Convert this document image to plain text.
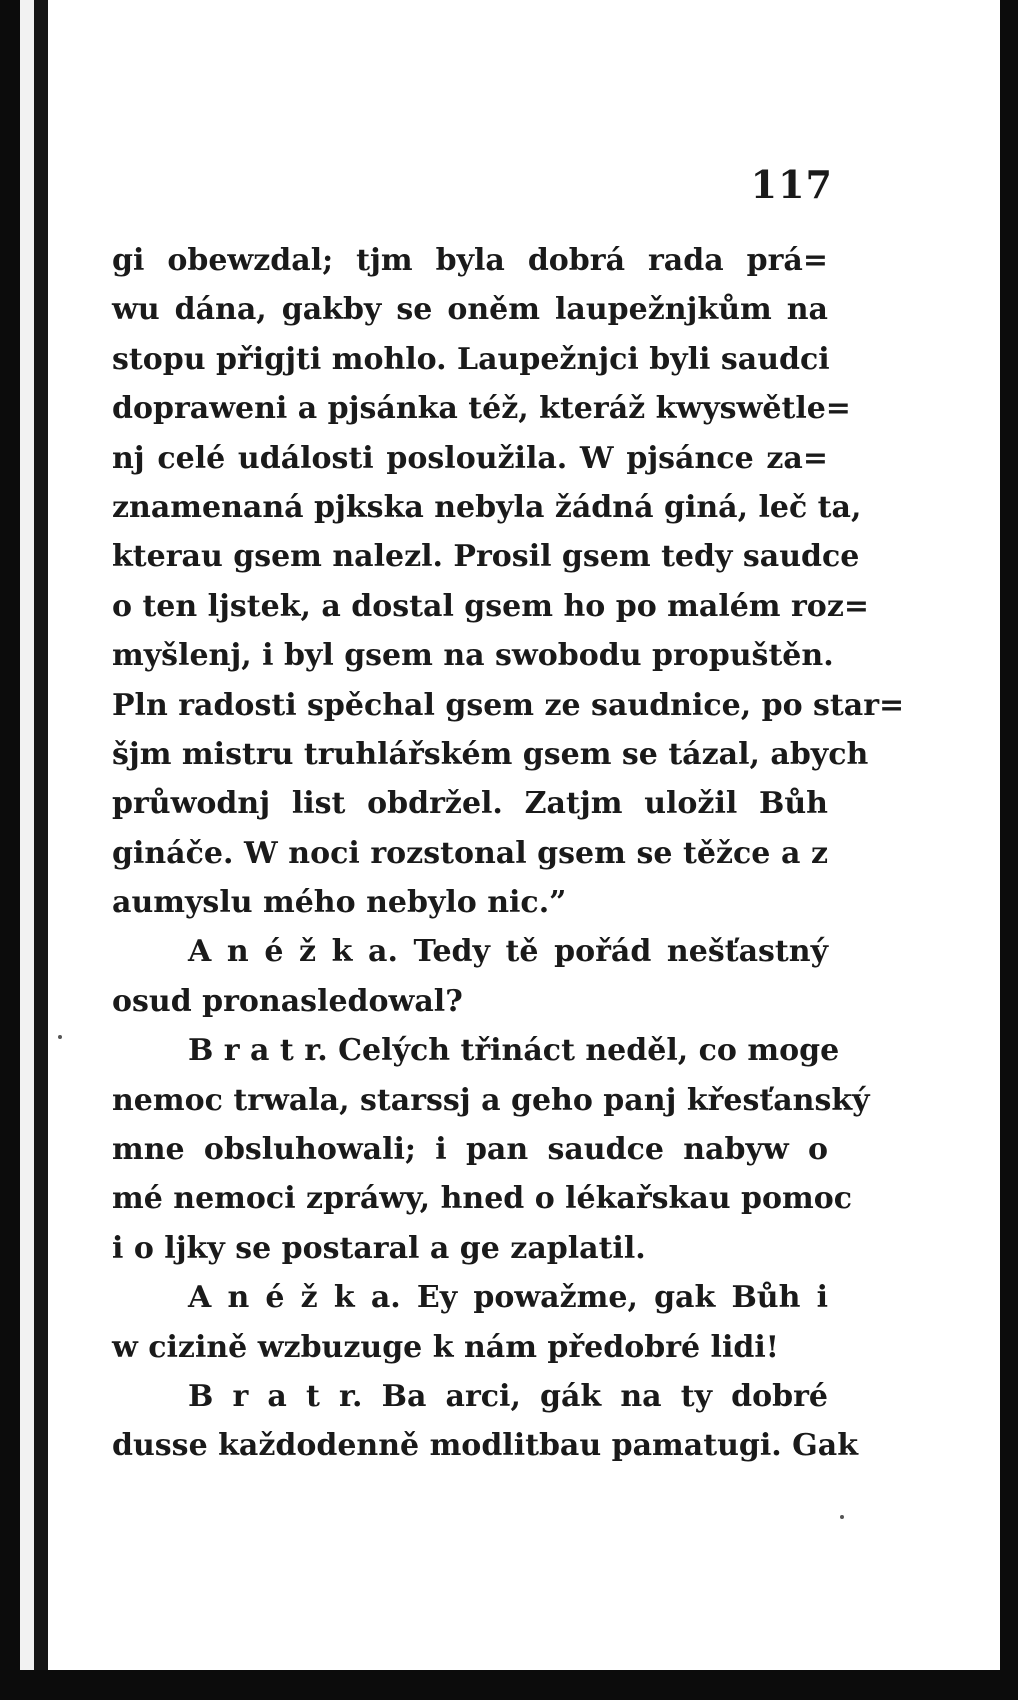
117
gi obewzdal; tjm byla dobrá rada prá=
wu dána, gakby se oněm laupežnjkům na
stopu přigjti mohlo. Laupežnjci byli saudci
dopraweni a pjsánka též, kteráž kwyswětle=
nj celé události posloužila. W pjsánce za=
znamenaná pjkska nebyla žádná giná, leč ta,
kterau gsem nalezl. Prosil gsem tedy saudce
o ten ljstek, a dostal gsem ho po malém roz=
myšlenj, i byl gsem na swobodu propuštěn.
Pln radosti spěchal gsem ze saudnice, po star=
šjm mistru truhlářském gsem se tázal, abych
průwodnj list obdržel. Zatjm uložil Bůh
gináče. W noci rozstonal gsem se těžce a z
aumyslu mého nebylo nic.”
A n é ž k a. Tedy tě pořád nešťastný
osud pronasledowal?
B r a t r. Celých třináct neděl, co moge
nemoc trwala, starssj a geho panj křesťanský
mne obsluhowali; i pan saudce nabyw o
mé nemoci zpráwy, hned o lékařskau pomoc
i o ljky se postaral a ge zaplatil.
A n é ž k a. Ey powažme, gak Bůh i
w cizině wzbuzuge k nám předobré lidi!
B r a t r. Ba arci, gák na ty dobré
dusse každodenně modlitbau pamatugi. Gak
